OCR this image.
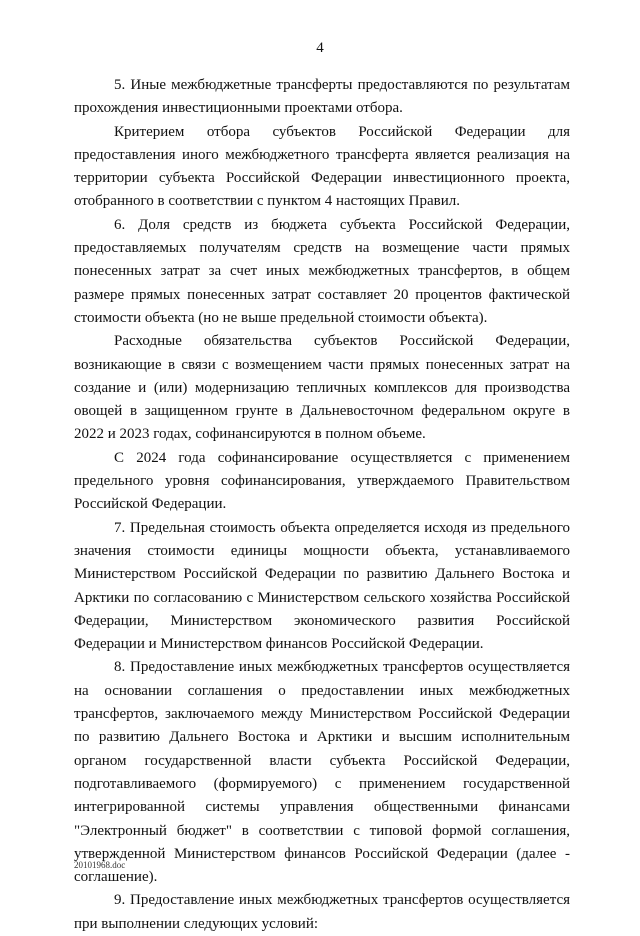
4

5. Иные межбюджетные трансферты предоставляются по результатам прохождения инвестиционными проектами отбора.

Критерием отбора субъектов Российской Федерации для предоставления иного межбюджетного трансферта является реализация на территории субъекта Российской Федерации инвестиционного проекта, отобранного в соответствии с пунктом 4 настоящих Правил.

6. Доля средств из бюджета субъекта Российской Федерации, предоставляемых получателям средств на возмещение части прямых понесенных затрат за счет иных межбюджетных трансфертов, в общем размере прямых понесенных затрат составляет 20 процентов фактической стоимости объекта (но не выше предельной стоимости объекта).

Расходные обязательства субъектов Российской Федерации, возникающие в связи с возмещением части прямых понесенных затрат на создание и (или) модернизацию тепличных комплексов для производства овощей в защищенном грунте в Дальневосточном федеральном округе в 2022 и 2023 годах, софинансируются в полном объеме.

С 2024 года софинансирование осуществляется с применением предельного уровня софинансирования, утверждаемого Правительством Российской Федерации.

7. Предельная стоимость объекта определяется исходя из предельного значения стоимости единицы мощности объекта, устанавливаемого Министерством Российской Федерации по развитию Дальнего Востока и Арктики по согласованию с Министерством сельского хозяйства Российской Федерации, Министерством экономического развития Российской Федерации и Министерством финансов Российской Федерации.

8. Предоставление иных межбюджетных трансфертов осуществляется на основании соглашения о предоставлении иных межбюджетных трансфертов, заключаемого между Министерством Российской Федерации по развитию Дальнего Востока и Арктики и высшим исполнительным органом государственной власти субъекта Российской Федерации, подготавливаемого (формируемого) с применением государственной интегрированной системы управления общественными финансами "Электронный бюджет" в соответствии с типовой формой соглашения, утвержденной Министерством финансов Российской Федерации (далее - соглашение).

9. Предоставление иных межбюджетных трансфертов осуществляется при выполнении следующих условий:

20101968.doc
